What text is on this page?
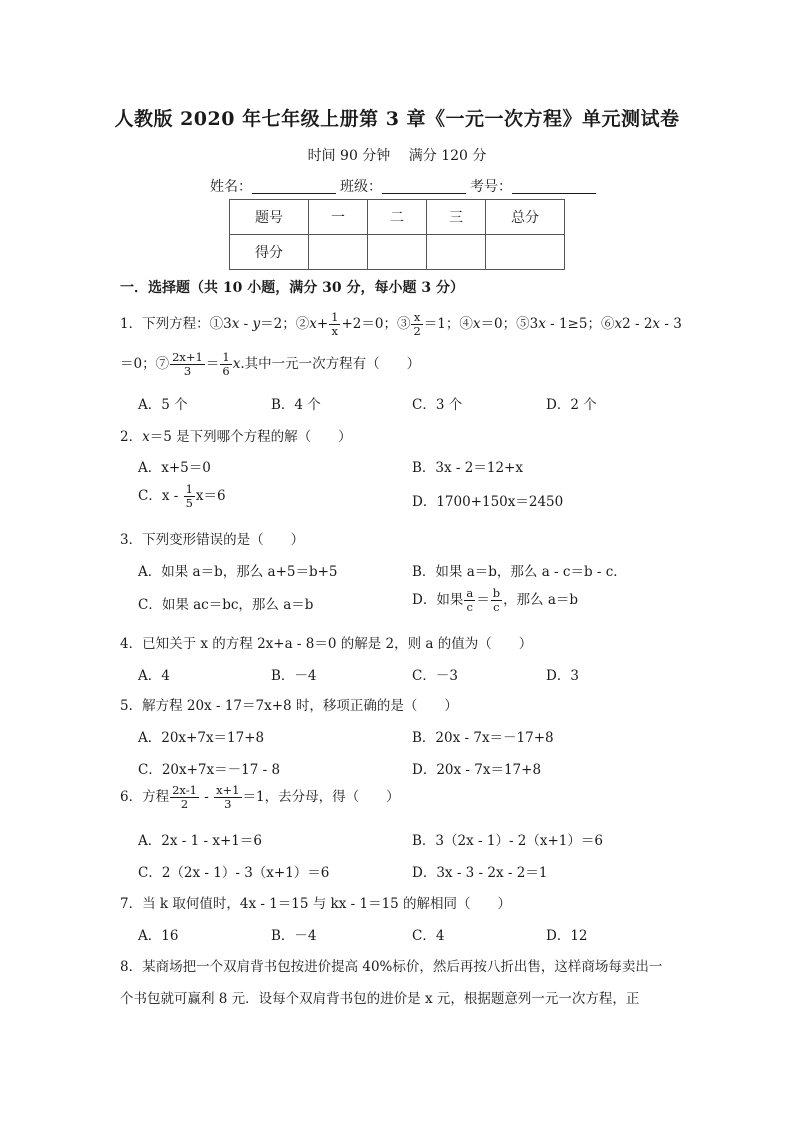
人教版 2020 年七年级上册第 3 章《一元一次方程》单元测试卷
时间 90 分钟 满分 120 分
姓名：	班级：	考号：
题号	一	二	三	总分
得分				
一．选择题（共 10 小题，满分 30 分，每小题 3 分）
1．下列方程：①3x - y＝2；②x+ $\frac{1}{x} +2=0$；③ $\frac{x}{2} =1$；④x＝0；⑤3x - 1≥5；⑥x2 - 2x - 3
＝0；⑦ $\frac{2x+1}{3} = \frac{1}{6} x$.其中一元一次方程有（　　）
A．5 个	B．4 个	C．3 个	D．2 个
2．x＝5 是下列哪个方程的解（　　）
A．x+5＝0	B．3x - 2＝12+x
C．$x - \frac{1}{5} x=6$	D．1700+150x＝2450
3．下列变形错误的是（　　）
A．如果 a＝b，那么 a+5＝b+5	B．如果 a＝b，那么 a - c＝b - c．
C．如果 ac＝bc，那么 a＝b	D．如果 $\frac{a}{c} = \frac{b}{c}$ ，那么 a＝b
4．已知关于 x 的方程 2x+a - 8＝0 的解是 2，则 a 的值为（　　）
A．4	B．－4	C．－3	D．3
5．解方程 20x - 17＝7x+8 时，移项正确的是（　　）
A．20x+7x＝17+8	B．20x - 7x＝－17+8
C．20x+7x＝－17 - 8	D．20x - 7x＝17+8
6．方程 $\frac{2x-1}{2} - \frac{x+1}{3} =1$，去分母，得（　　）
A．2x - 1 - x+1＝6	B．3（2x - 1）- 2（x+1）＝6
C．2（2x - 1）- 3（x+1）＝6	D．3x - 3 - 2x - 2＝1
7．当 k 取何值时，4x - 1＝15 与 kx - 1＝15 的解相同（　　）
A．16	B．－4	C．4	D．12
8．某商场把一个双肩背书包按进价提高 40%标价，然后再按八折出售，这样商场每卖出一
个书包就可赢利 8 元．设每个双肩背书包的进价是 x 元，根据题意列一元一次方程，正
